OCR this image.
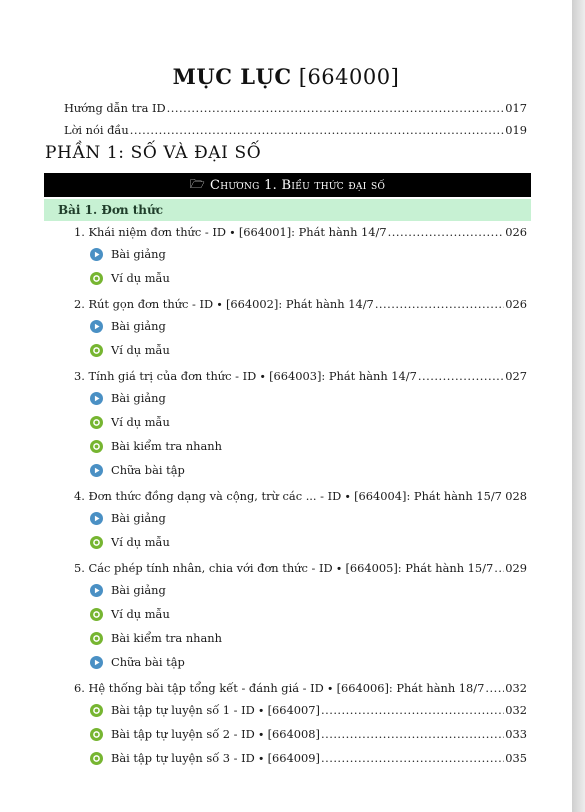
MỤC LỤC [664000]
Hướng dẫn tra ID .....	017
Lời nói đầu .....	019
PHẦN 1: SỐ VÀ ĐẠI SỐ
🗁 Chương 1. Biểu thức đại số
Bài 1. Đơn thức
1. Khái niệm đơn thức - ID ∙ [664001]: Phát hành 14/7 .....	026
Bài giảng
Ví dụ mẫu
2. Rút gọn đơn thức - ID ∙ [664002]: Phát hành 14/7 .....	026
Bài giảng
Ví dụ mẫu
3. Tính giá trị của đơn thức - ID ∙ [664003]: Phát hành 14/7 .....	027
Bài giảng
Ví dụ mẫu
Bài kiểm tra nhanh
Chữa bài tập
4. Đơn thức đồng dạng và cộng, trừ các ... - ID ∙ [664004]: Phát hành 15/7 ..... 028
Bài giảng
Ví dụ mẫu
5. Các phép tính nhân, chia với đơn thức - ID ∙ [664005]: Phát hành 15/7 ..... 029
Bài giảng
Ví dụ mẫu
Bài kiểm tra nhanh
Chữa bài tập
6. Hệ thống bài tập tổng kết - đánh giá - ID ∙ [664006]: Phát hành 18/7 ..... 032
Bài tập tự luyện số 1 - ID ∙ [664007] .....	032
Bài tập tự luyện số 2 - ID ∙ [664008] .....	033
Bài tập tự luyện số 3 - ID ∙ [664009] .....	035
